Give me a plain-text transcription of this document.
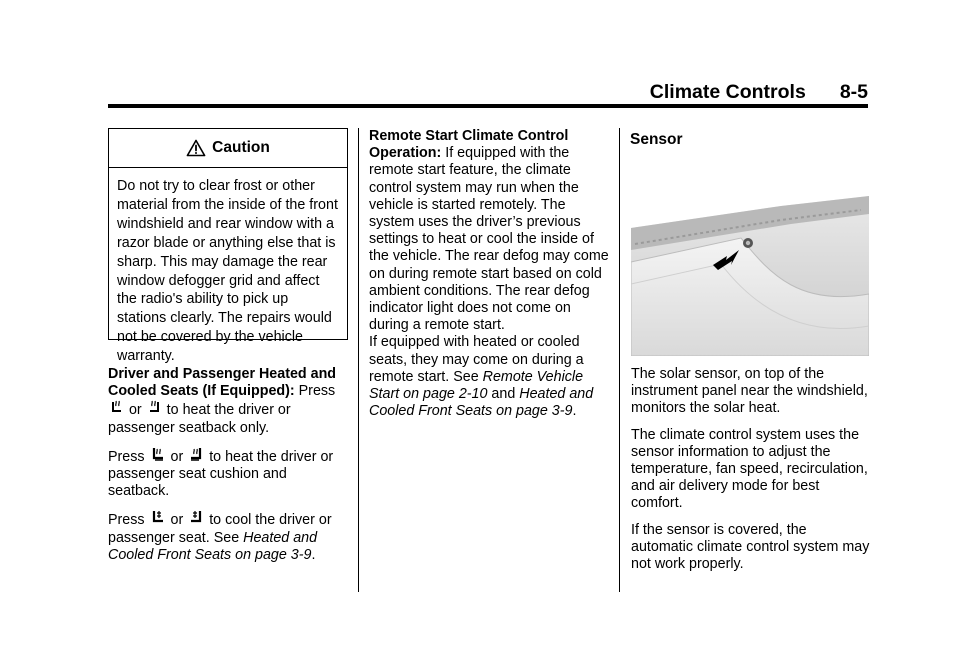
Climate Controls 8-5
Caution
Do not try to clear frost or other material from the inside of the front windshield and rear window with a razor blade or anything else that is sharp. This may damage the rear window defogger grid and affect the radio's ability to pick up stations clearly. The repairs would not be covered by the vehicle warranty.

Driver and Passenger Heated and Cooled Seats (If Equipped): Press  or to heat the driver or passenger seatback only.

Press or to heat the driver or passenger seat cushion and seatback.

Press or to cool the driver or passenger seat. See Heated and Cooled Front Seats on page 3-9.

Remote Start Climate Control Operation: If equipped with the remote start feature, the climate control system may run when the vehicle is started remotely. The system uses the driver’s previous settings to heat or cool the inside of the vehicle. The rear defog may come on during remote start based on cold ambient conditions. The rear defog indicator light does not come on during a remote start.

If equipped with heated or cooled seats, they may come on during a remote start. See Remote Vehicle Start on page 2-10 and Heated and Cooled Front Seats on page 3-9.

Sensor

The solar sensor, on top of the instrument panel near the windshield, monitors the solar heat.

The climate control system uses the sensor information to adjust the temperature, fan speed, recirculation, and air delivery mode for best comfort.

If the sensor is covered, the automatic climate control system may not work properly.
